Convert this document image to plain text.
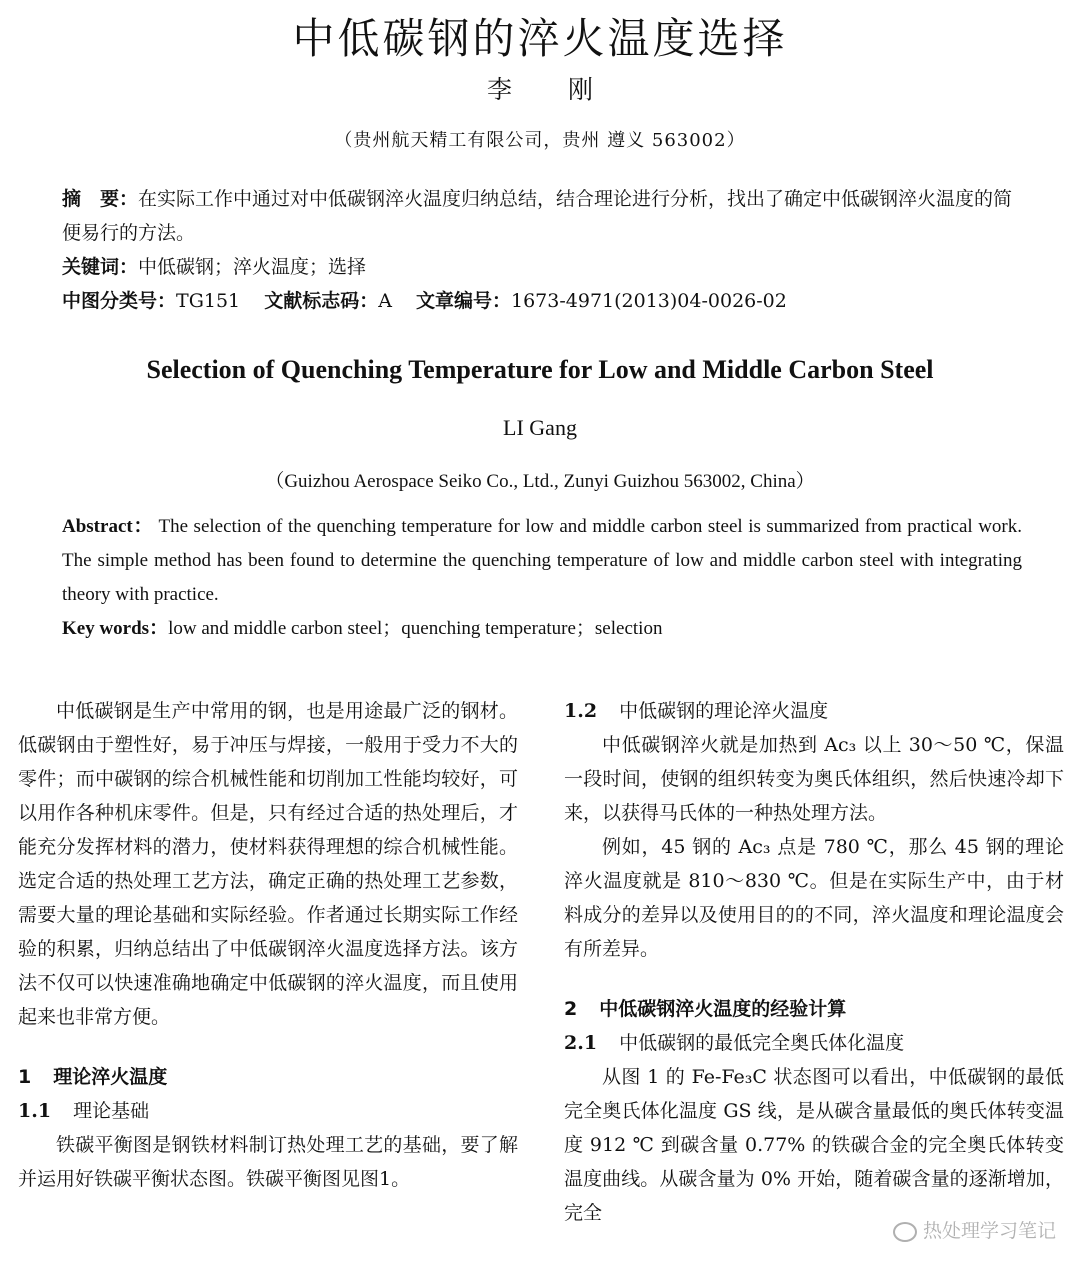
中低碳钢的淬火温度选择
李 刚
（贵州航天精工有限公司，贵州 遵义 563002）
摘　要：在实际工作中通过对中低碳钢淬火温度归纳总结，结合理论进行分析，找出了确定中低碳钢淬火温度的简便易行的方法。
关键词：中低碳钢；淬火温度；选择
中图分类号：TG151 文献标志码：A 文章编号：1673-4971(2013)04-0026-02
Selection of Quenching Temperature for Low and Middle Carbon Steel
LI Gang
（Guizhou Aerospace Seiko Co., Ltd., Zunyi Guizhou 563002, China）
Abstract： The selection of the quenching temperature for low and middle carbon steel is summarized from practical work. The simple method has been found to determine the quenching temperature of low and middle carbon steel with integrating theory with practice.
Key words：low and middle carbon steel；quenching temperature；selection

中低碳钢是生产中常用的钢，也是用途最广泛的钢材。低碳钢由于塑性好，易于冲压与焊接，一般用于受力不大的零件；而中碳钢的综合机械性能和切削加工性能均较好，可以用作各种机床零件。但是，只有经过合适的热处理后，才能充分发挥材料的潜力，使材料获得理想的综合机械性能。选定合适的热处理工艺方法，确定正确的热处理工艺参数，需要大量的理论基础和实际经验。作者通过长期实际工作经验的积累，归纳总结出了中低碳钢淬火温度选择方法。该方法不仅可以快速准确地确定中低碳钢的淬火温度，而且使用起来也非常方便。

1 理论淬火温度
1.1 理论基础

铁碳平衡图是钢铁材料制订热处理工艺的基础，要了解并运用好铁碳平衡状态图。铁碳平衡图见图1。

1.2 中低碳钢的理论淬火温度

中低碳钢淬火就是加热到 Ac₃ 以上 30～50 ℃，保温一段时间，使钢的组织转变为奥氏体组织，然后快速冷却下来，以获得马氏体的一种热处理方法。

例如，45 钢的 Ac₃ 点是 780 ℃，那么 45 钢的理论淬火温度就是 810～830 ℃。但是在实际生产中，由于材料成分的差异以及使用目的的不同，淬火温度和理论温度会有所差异。

2 中低碳钢淬火温度的经验计算
2.1 中低碳钢的最低完全奥氏体化温度

从图 1 的 Fe-Fe₃C 状态图可以看出，中低碳钢的最低完全奥氏体化温度 GS 线，是从碳含量最低的奥氏体转变温度 912 ℃ 到碳含量 0.77% 的铁碳合金的完全奥氏体转变温度曲线。从碳含量为 0% 开始，随着碳含量的逐渐增加，完全

热处理学习笔记
